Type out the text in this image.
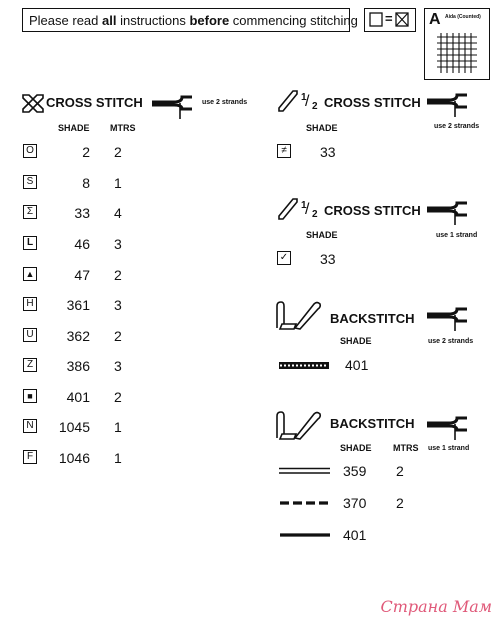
Please read all instructions before commencing stitching = A Aida (Counted)
CROSS STITCH	use 2 strands
SHADE MTRS
O	2 2
S	8 1
Σ	33 4
L	46 3
▲	47 2
H	361 3
U	362 2
Z	386 3
■	401 2
N	1045 1
F	1046 1
1
/ 2 CROSS STITCH
SHADE	use 2 strands
≠	33
1
/ 2 CROSS STITCH
SHADE	use 1 strand
✓ 33
BACKSTITCH
SHADE	use 2 strands
401
BACKSTITCH
SHADE MTRS use 1 strand
359 2
370 2
401
Страна Мам
